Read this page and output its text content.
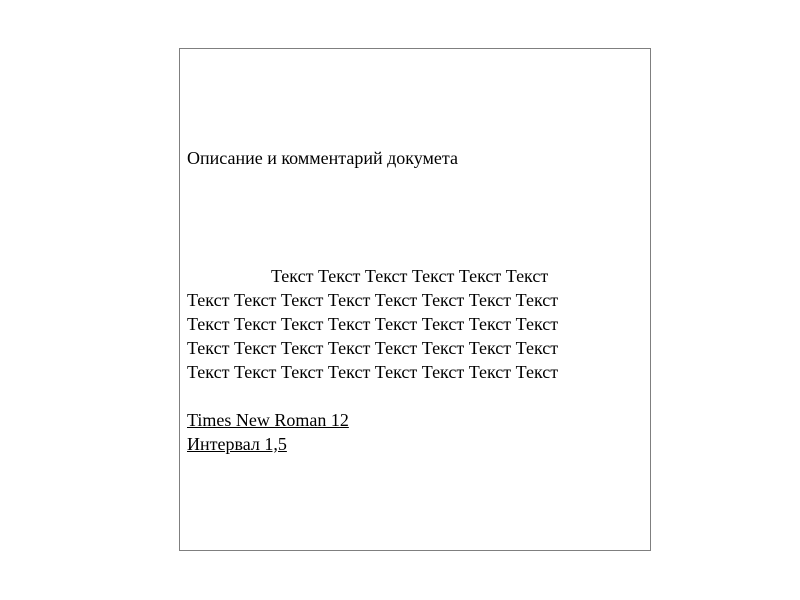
Описание и комментарий докумета
Текст Текст Текст Текст Текст Текст
Текст Текст Текст Текст Текст Текст Текст Текст
Текст Текст Текст Текст Текст Текст Текст Текст
Текст Текст Текст Текст Текст Текст Текст Текст
Текст Текст Текст Текст Текст Текст Текст Текст
Times New Roman 12
Интервал 1,5
